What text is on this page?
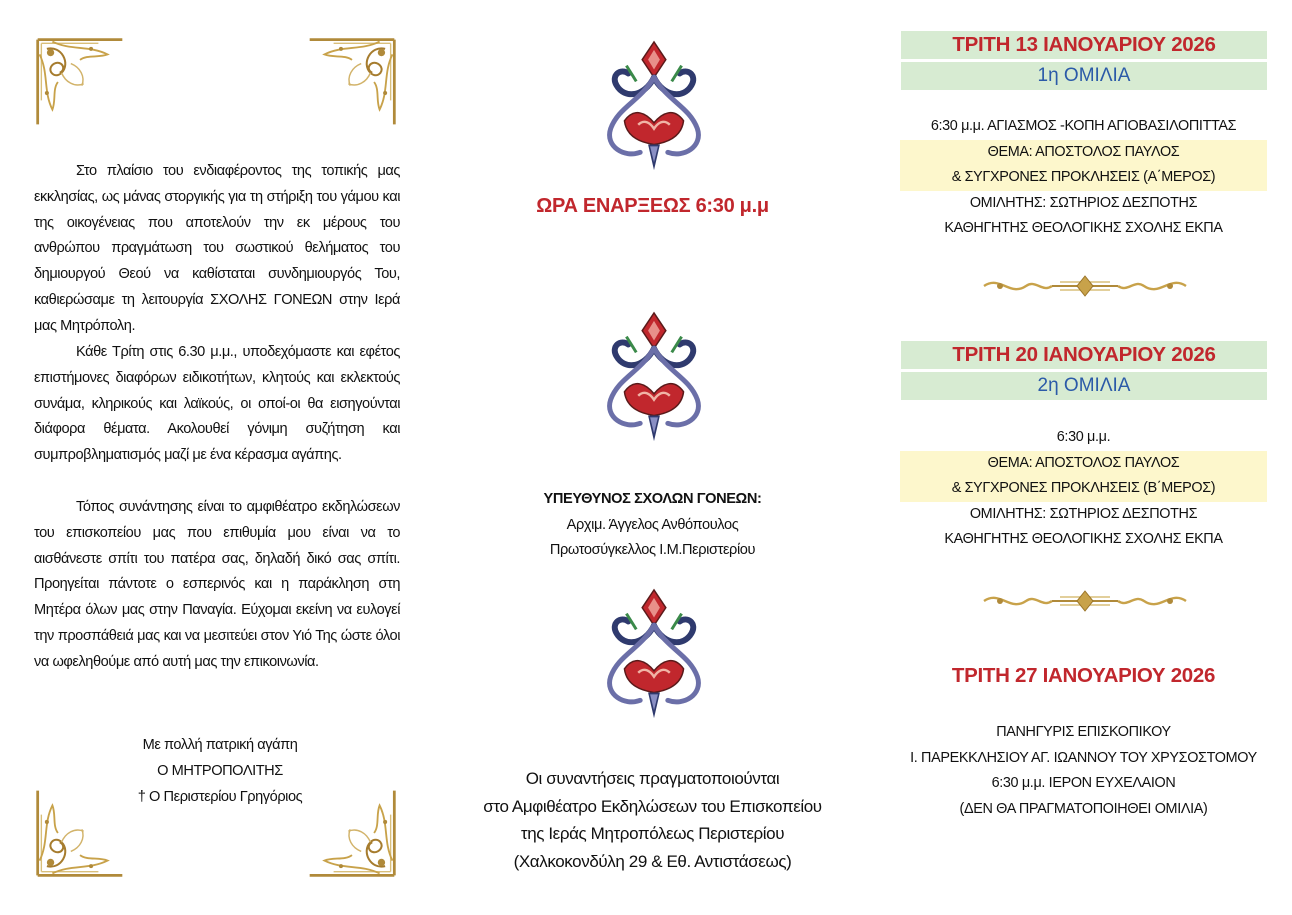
Στο πλαίσιο του ενδιαφέροντος της τοπικής μας εκκλησίας, ως μάνας στοργικής για τη στήριξη του γάμου και της οικογένειας που αποτελούν την εκ μέρους του ανθρώπου πραγμάτωση του σωστικού θελήματος του δημιουργού Θεού να καθίσταται συνδημιουργός Του, καθιερώσαμε τη λειτουργία ΣΧΟΛΗΣ ΓΟΝΕΩΝ στην Ιερά μας Μητρόπολη.

Κάθε Τρίτη στις 6.30 μ.μ., υποδεχόμαστε και εφέτος επιστήμονες διαφόρων ειδικοτήτων, κλητούς και εκλεκτούς συνάμα, κληρικούς και λαϊκούς, οι οποί-οι θα εισηγούνται διάφορα θέματα. Ακολουθεί γόνιμη συζήτηση και συμπροβληματισμός μαζί με ένα κέρασμα αγάπης.

Τόπος συνάντησης είναι το αμφιθέατρο εκδηλώσεων του επισκοπείου μας που επιθυμία μου είναι να το αισθάνεστε σπίτι του πατέρα σας, δηλαδή δικό σας σπίτι. Προηγείται πάντοτε ο εσπερινός και η παράκληση στη Μητέρα όλων μας στην Παναγία. Εύχομαι εκείνη να ευλογεί την προσπάθειά μας και να μεσιτεύει στον Υιό Της ώστε όλοι να ωφεληθούμε από αυτή μας την επικοινωνία.

Με πολλή πατρική αγάπη
Ο ΜΗΤΡΟΠΟΛΙΤΗΣ
† Ο Περιστερίου Γρηγόριος
ΩΡΑ ΕΝΑΡΞΕΩΣ 6:30 μ.μ
ΥΠΕΥΘΥΝΟΣ ΣΧΟΛΩΝ ΓΟΝΕΩΝ:
Αρχιμ. Άγγελος Ανθόπουλος
Πρωτοσύγκελλος Ι.Μ.Περιστερίου
Οι συναντήσεις πραγματοποιούνται
στο Αμφιθέατρο Εκδηλώσεων του Επισκοπείου
της Ιεράς Μητροπόλεως Περιστερίου
(Χαλκοκονδύλη 29 & Εθ. Αντιστάσεως)
ΤΡΙΤΗ 13 ΙΑΝΟΥΑΡΙΟΥ 2026
1η ΟΜΙΛΙΑ
6:30 μ.μ. ΑΓΙΑΣΜΟΣ -ΚΟΠΗ ΑΓΙΟΒΑΣΙΛΟΠΙΤΤΑΣ
ΘΕΜΑ: ΑΠΟΣΤΟΛΟΣ ΠΑΥΛΟΣ
& ΣΥΓΧΡΟΝΕΣ ΠΡΟΚΛΗΣΕΙΣ (Α΄ΜΕΡΟΣ)
ΟΜΙΛΗΤΗΣ: ΣΩΤΗΡΙΟΣ ΔΕΣΠΟΤΗΣ
ΚΑΘΗΓΗΤΗΣ ΘΕΟΛΟΓΙΚΗΣ ΣΧΟΛΗΣ ΕΚΠΑ
ΤΡΙΤΗ 20 ΙΑΝΟΥΑΡΙΟΥ 2026
2η ΟΜΙΛΙΑ
6:30 μ.μ.
ΘΕΜΑ: ΑΠΟΣΤΟΛΟΣ ΠΑΥΛΟΣ
& ΣΥΓΧΡΟΝΕΣ ΠΡΟΚΛΗΣΕΙΣ (Β΄ΜΕΡΟΣ)
ΟΜΙΛΗΤΗΣ: ΣΩΤΗΡΙΟΣ ΔΕΣΠΟΤΗΣ
ΚΑΘΗΓΗΤΗΣ ΘΕΟΛΟΓΙΚΗΣ ΣΧΟΛΗΣ ΕΚΠΑ
ΤΡΙΤΗ 27 ΙΑΝΟΥΑΡΙΟΥ 2026
ΠΑΝΗΓΥΡΙΣ ΕΠΙΣΚΟΠΙΚΟΥ
Ι. ΠΑΡΕΚΚΛΗΣΙΟΥ ΑΓ. ΙΩΑΝΝΟΥ ΤΟΥ ΧΡΥΣΟΣΤΟΜΟΥ
6:30 μ.μ. ΙΕΡΟΝ ΕΥΧΕΛΑΙΟΝ
(ΔΕΝ ΘΑ ΠΡΑΓΜΑΤΟΠΟΙΗΘΕΙ ΟΜΙΛΙΑ)
